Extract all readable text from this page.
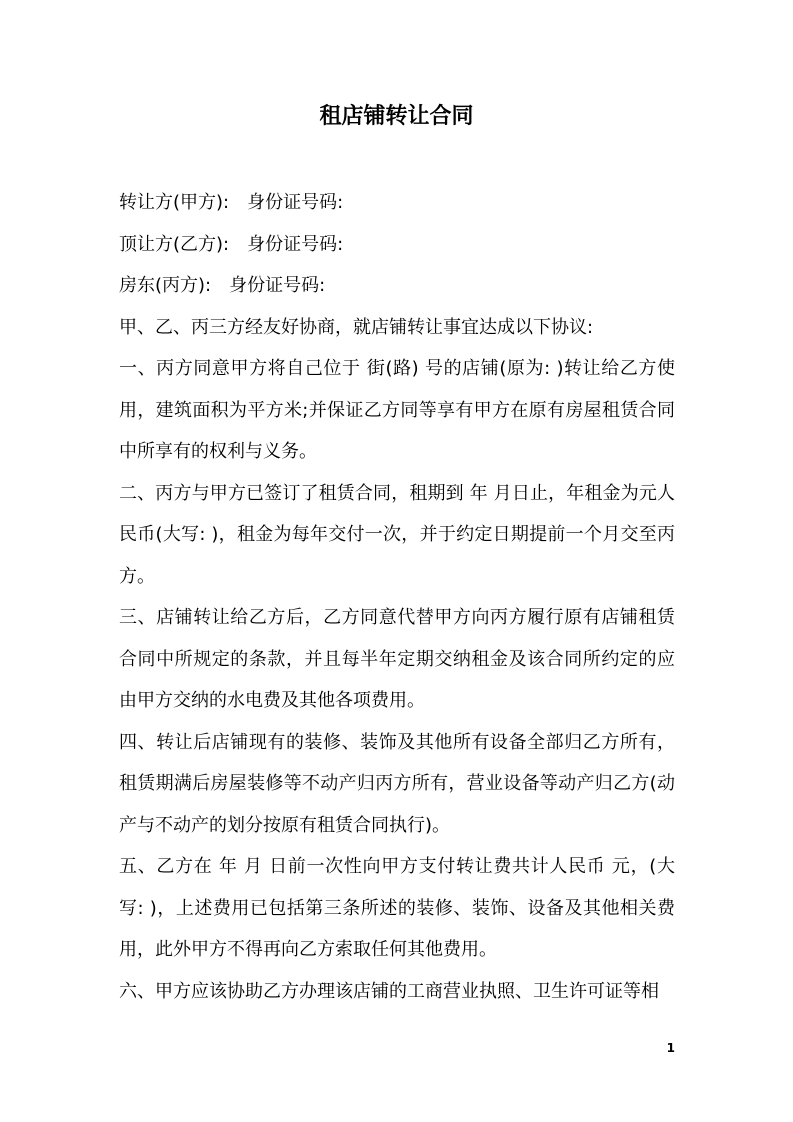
租店铺转让合同

转让方(甲方):　身份证号码:

顶让方(乙方):　身份证号码:

房东(丙方):　身份证号码:

甲、乙、丙三方经友好协商，就店铺转让事宜达成以下协议:

一、丙方同意甲方将自己位于 街(路) 号的店铺(原为: )转让给乙方使用，建筑面积为平方米;并保证乙方同等享有甲方在原有房屋租赁合同中所享有的权利与义务。

二、丙方与甲方已签订了租赁合同，租期到 年 月日止，年租金为元人民币(大写: )，租金为每年交付一次，并于约定日期提前一个月交至丙方。

三、店铺转让给乙方后，乙方同意代替甲方向丙方履行原有店铺租赁合同中所规定的条款，并且每半年定期交纳租金及该合同所约定的应由甲方交纳的水电费及其他各项费用。

四、转让后店铺现有的装修、装饰及其他所有设备全部归乙方所有，租赁期满后房屋装修等不动产归丙方所有，营业设备等动产归乙方(动产与不动产的划分按原有租赁合同执行)。

五、乙方在 年 月 日前一次性向甲方支付转让费共计人民币 元，(大写: )，上述费用已包括第三条所述的装修、装饰、设备及其他相关费用，此外甲方不得再向乙方索取任何其他费用。

六、甲方应该协助乙方办理该店铺的工商营业执照、卫生许可证等相

1
